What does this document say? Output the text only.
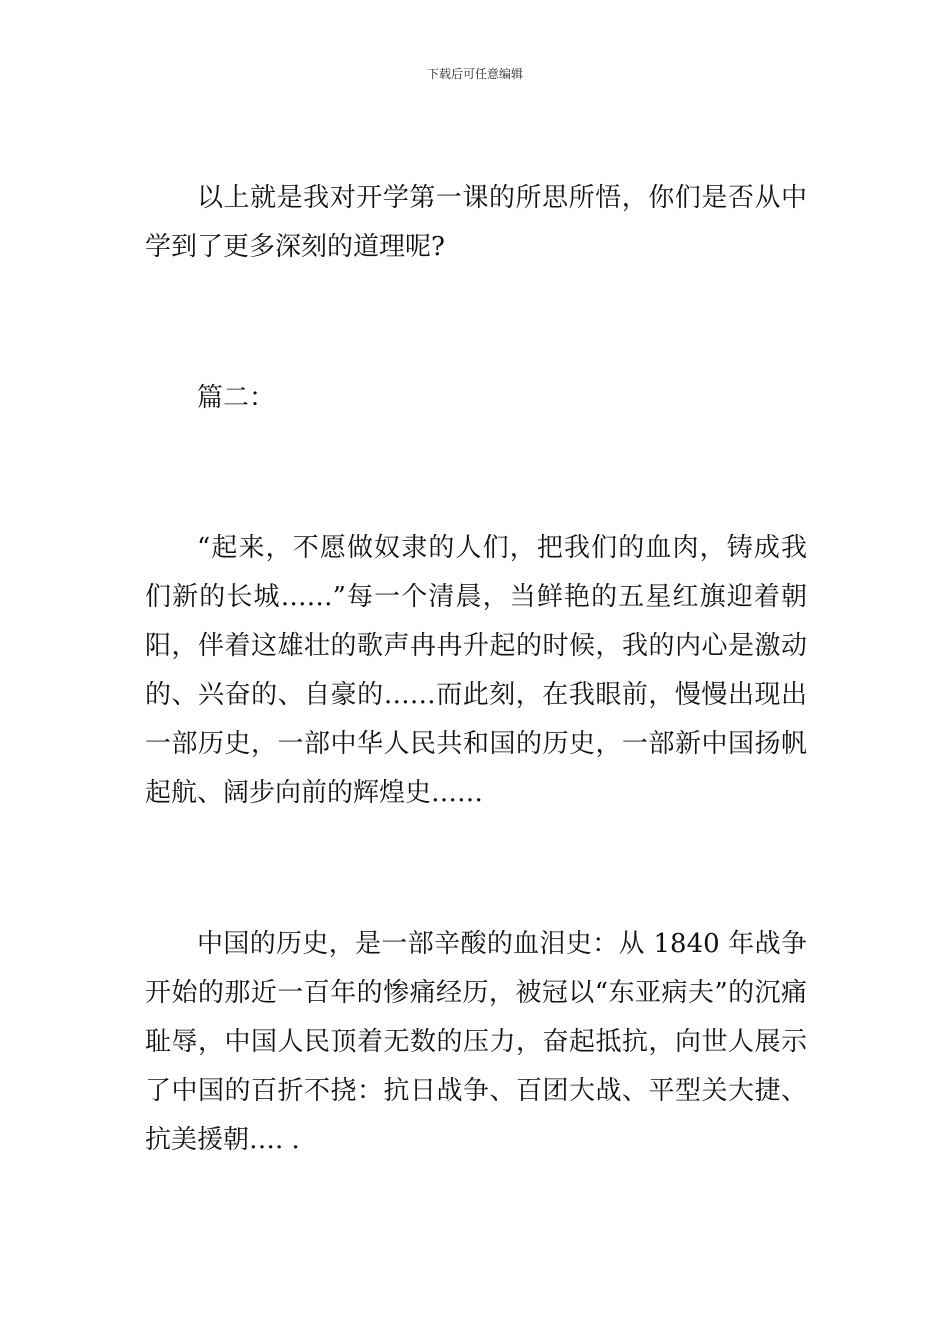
下载后可任意编辑

以上就是我对开学第一课的所思所悟，你们是否从中学到了更多深刻的道理呢?

篇二：

“起来，不愿做奴隶的人们，把我们的血肉，铸成我们新的长城……”每一个清晨，当鲜艳的五星红旗迎着朝阳，伴着这雄壮的歌声冉冉升起的时候，我的内心是激动的、兴奋的、自豪的……而此刻，在我眼前，慢慢出现出一部历史，一部中华人民共和国的历史，一部新中国扬帆起航、阔步向前的辉煌史……

中国的历史，是一部辛酸的血泪史：从 1840 年战争开始的那近一百年的惨痛经历，被冠以“东亚病夫”的沉痛耻辱，中国人民顶着无数的压力，奋起抵抗，向世人展示了中国的百折不挠：抗日战争、百团大战、平型关大捷、抗美援朝…. .
